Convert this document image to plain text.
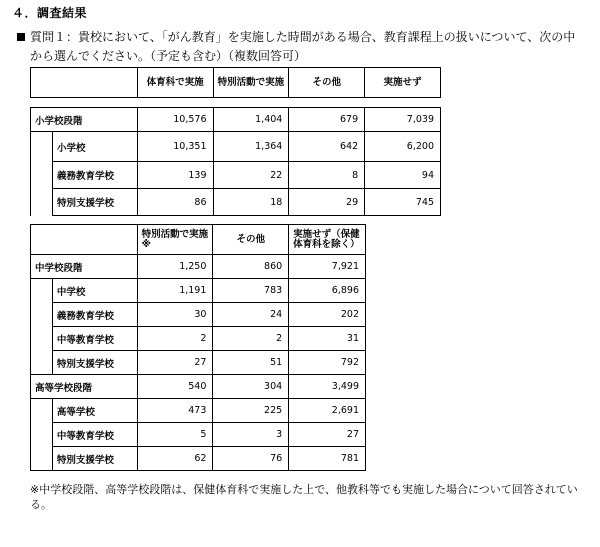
４．調査結果
質問１：貴校において、「がん教育」を実施した時間がある場合、教育課程上の扱いについて、次の中
から選んでください。（予定も含む）（複数回答可）
		体育科で実施	特別活動で実施	その他	実施せず

小学校段階		10,576	1,404	679	7,039
	小学校	10,351	1,364	642	6,200
	義務教育学校	139	22	8	94
	特別支援学校	86	18	29	745
		特別活動で実施※	その他	実施せず（保健体育科を除く）
中学校段階		1,250	860	7,921
	中学校	1,191	783	6,896
	義務教育学校	30	24	202
	中等教育学校	2	2	31
	特別支援学校	27	51	792
高等学校段階		540	304	3,499
	高等学校	473	225	2,691
	中等教育学校	5	3	27
	特別支援学校	62	76	781
※中学校段階、高等学校段階は、保健体育科で実施した上で、他教科等でも実施した場合について回答されている。
